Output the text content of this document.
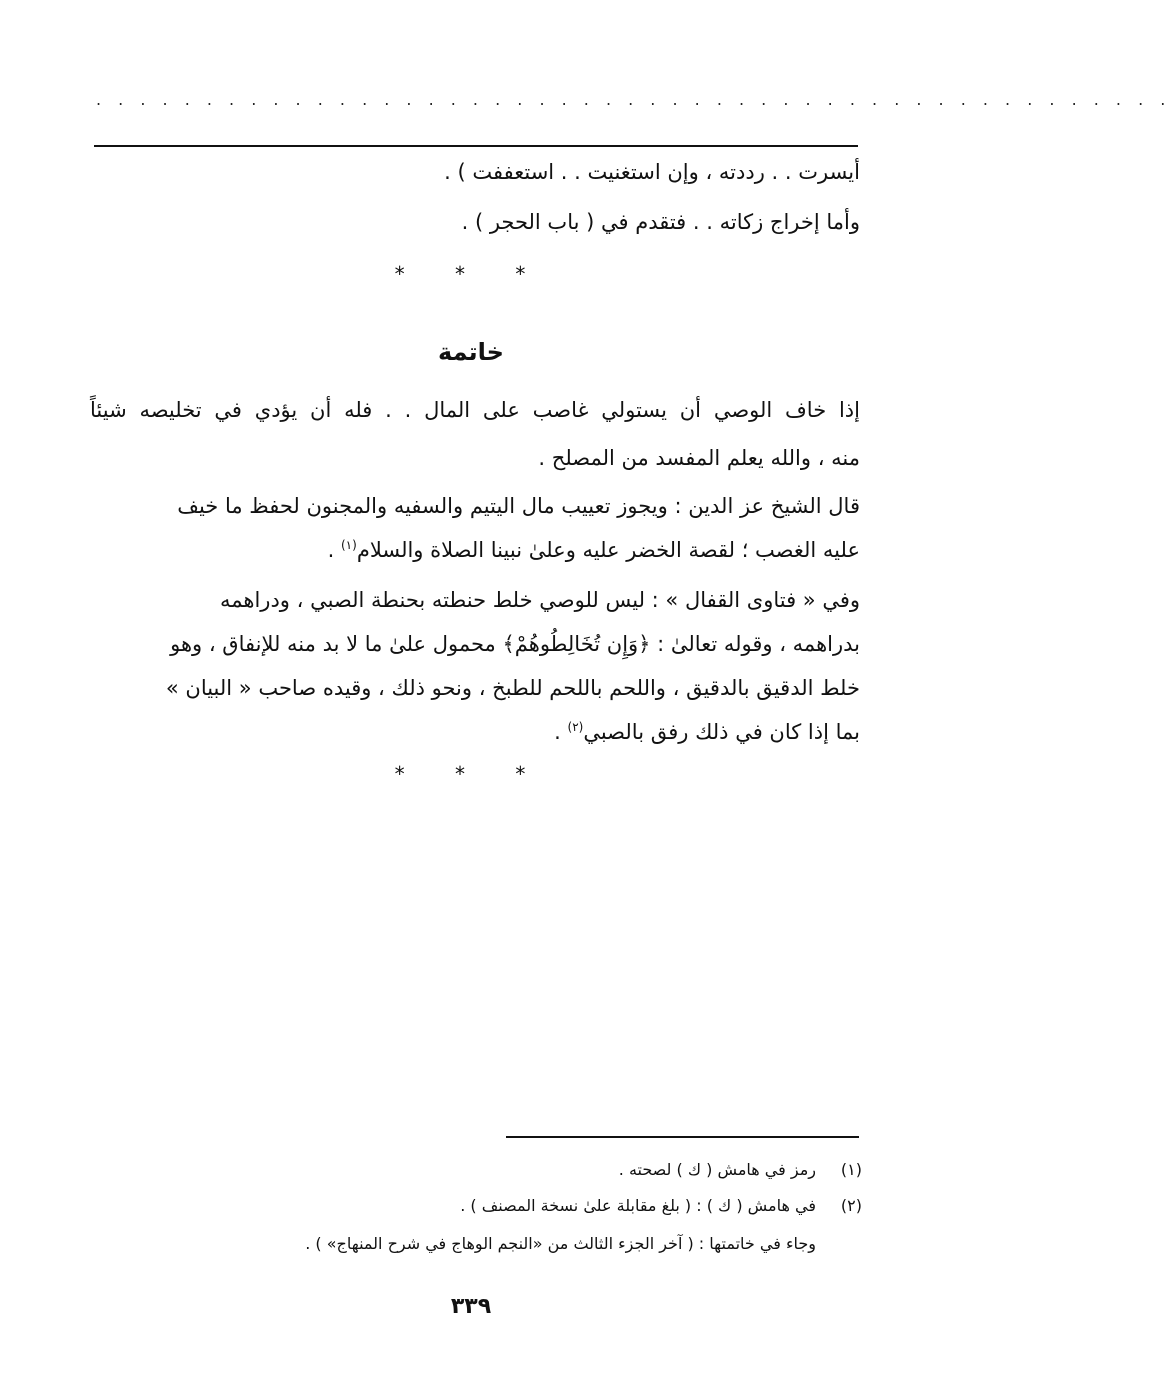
. . . . . . . . . . . . . . . . . . . . . . . . . . . . . . . . . . . . . . . . . . . . . . . . .
أيسرت . . رددته ، وإن استغنيت . . استعففت ) .
وأما إخراج زكاته . . فتقدم في ( باب الحجر ) .
* * *
خاتمة
إذا خاف الوصي أن يستولي غاصب على المال . . فله أن يؤدي في تخليصه شيئاً
منه ، والله يعلم المفسد من المصلح .
قال الشيخ عز الدين : ويجوز تعييب مال اليتيم والسفيه والمجنون لحفظ ما خيف
عليه الغصب ؛ لقصة الخضر عليه وعلىٰ نبينا الصلاة والسلام$^{(١)}$ .
وفي « فتاوى القفال » : ليس للوصي خلط حنطته بحنطة الصبي ، ودراهمه
بدراهمه ، وقوله تعالىٰ : ﴿وَإِن تُخَالِطُوهُمْ﴾ محمول علىٰ ما لا بد منه للإنفاق ، وهو
خلط الدقيق بالدقيق ، واللحم باللحم للطبخ ، ونحو ذلك ، وقيده صاحب « البيان »
بما إذا كان في ذلك رفق بالصبي$^{(٢)}$ .
* * *
(١)رمز في هامش ( ك ) لصحته .
(٢)في هامش ( ك ) : ( بلغ مقابلة علىٰ نسخة المصنف ) .
وجاء في خاتمتها : ( آخر الجزء الثالث من «النجم الوهاج في شرح المنهاج» ) .
٣٣٩
